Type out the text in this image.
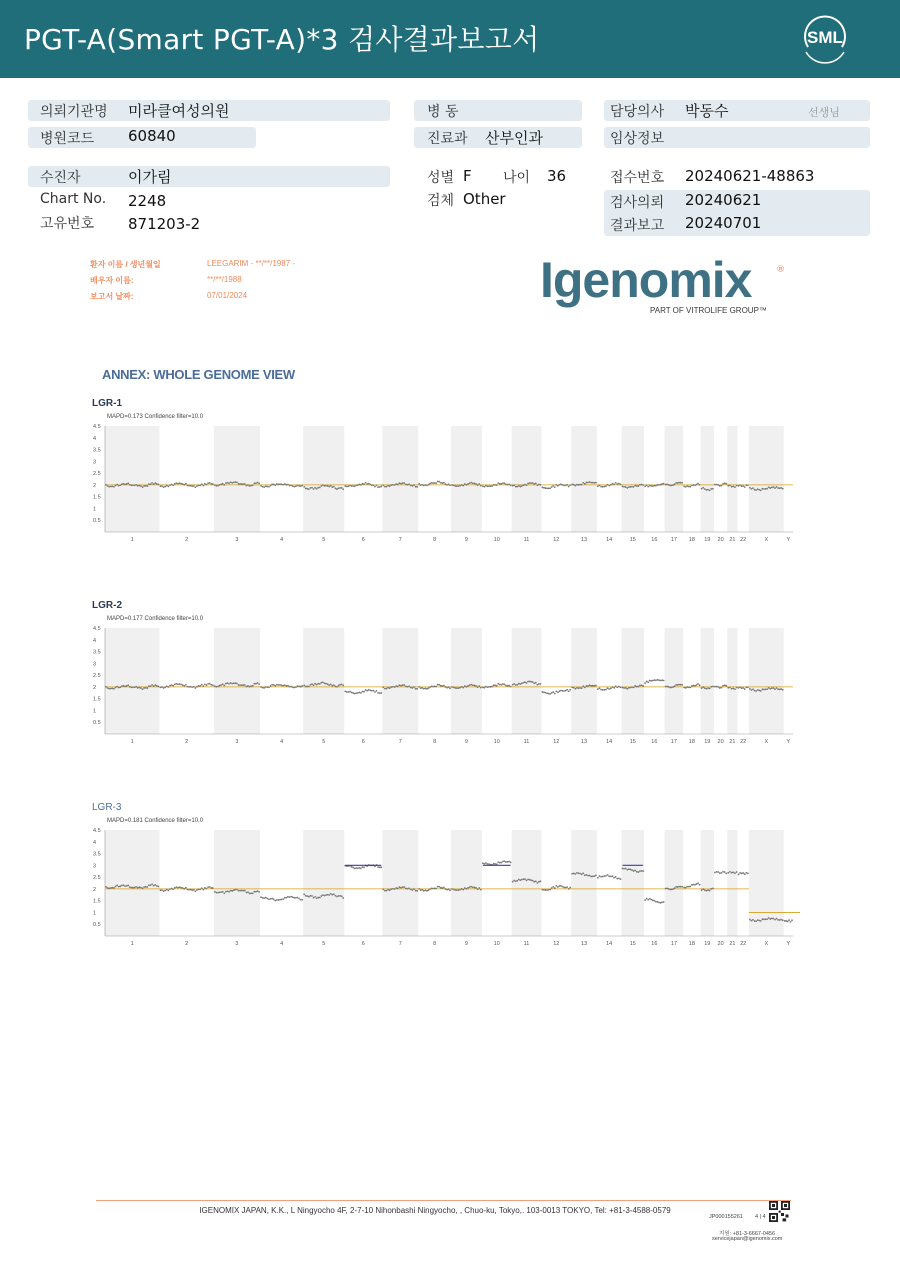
PGT-A(Smart PGT-A)*3 검사결과보고서	SML
의뢰기관명 미라클여성의원
병원코드 60840
수진자	이가림
Chart No. 2248
고유번호 871203-2
병 동
진료과 산부인과
성별 F 나이 36
검체 Other
담당의사 박동수	선생님
임상정보
접수번호 20240621-48863
검사의뢰 20240621
결과보고 20240701
환자 이름 / 생년월일	LEEGARIM - **/**/1987 -
배우자 이름:	**/**/1988
보고서 날짜:	07/01/2024	Igenomix	®
PART OF VITROLIFE GROUP™
ANNEX: WHOLE GENOME VIEW
LGR-1
MAPD=0.173 Confidence filter=10.0
1	2	3	4	5	6	7	8	9	10	11	12	13	14	15	16 17 18 19 20 21 22	X	Y
4.5
4
3.5
3
2.5
2
1.5
1
0.5
LGR-2
MAPD=0.177 Confidence filter=10.0
1	2	3	4	5	6	7	8	9	10	11	12	13	14	15	16 17 18 19 20 21 22	X	Y
4.5
4
3.5
3
2.5
2
1.5
1
0.5
LGR-3
MAPD=0.181 Confidence filter=10.0
1	2	3	4	5	6	7	8	9	10	11	12	13	14	15	16 17 18 19 20 21 22	X	Y
4.5
4
3.5
3
2.5
2
1.5
1
0.5
IGENOMIX JAPAN, K.K., L Ningyocho 4F, 2-7-10 Nihonbashi Ningyocho, , Chuo-ku, Tokyo,. 103-0013 TOKYO, Tel: +81-3-4588-0579
JP000155261 4 | 4
지원: +81-3-6667-0456
servicejapan@igenomix.com
